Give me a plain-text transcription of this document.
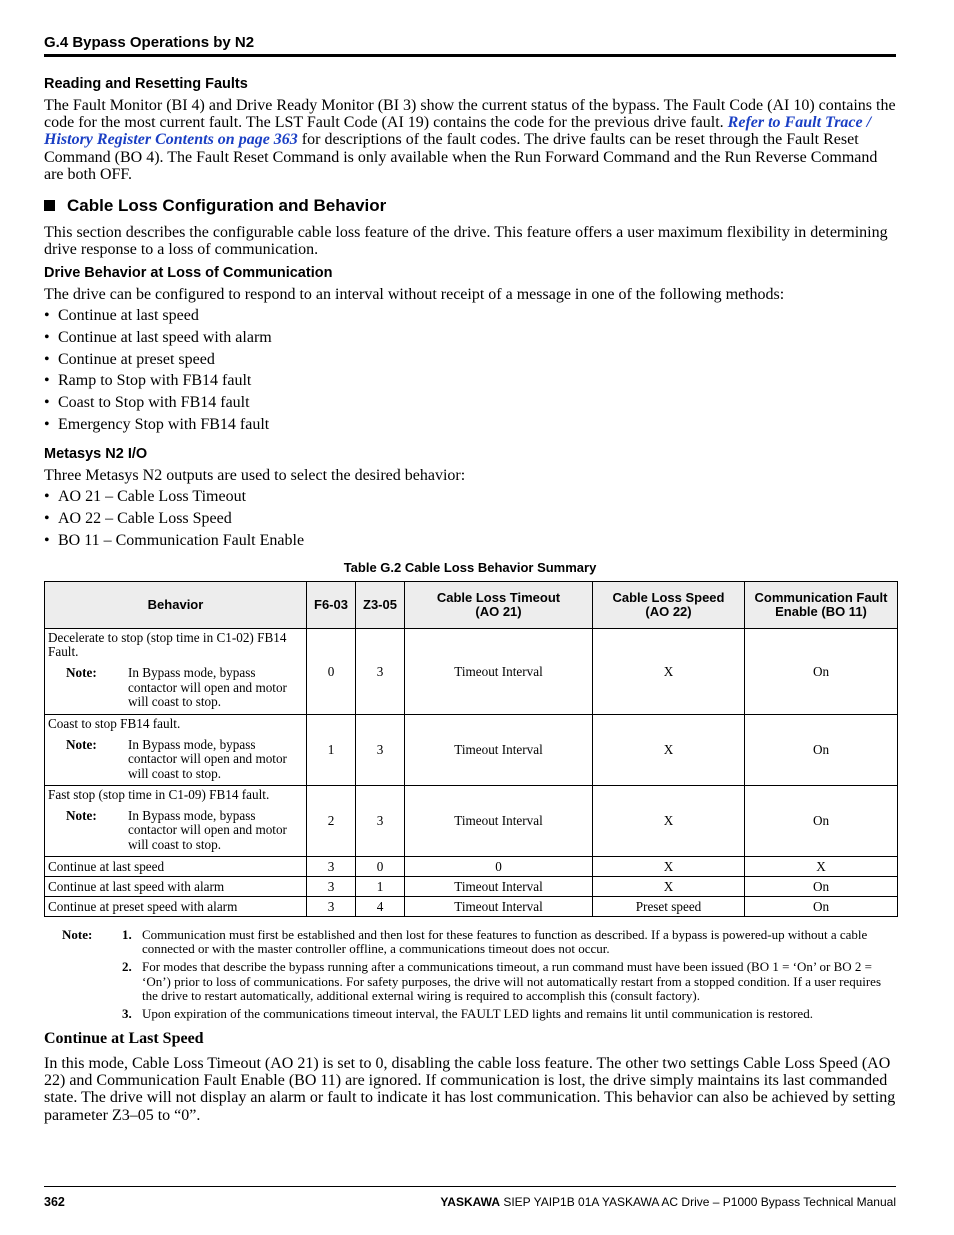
G.4 Bypass Operations by N2
Reading and Resetting Faults
The Fault Monitor (BI 4) and Drive Ready Monitor (BI 3) show the current status of the bypass. The Fault Code (AI 10) contains the code for the most current fault. The LST Fault Code (AI 19) contains the code for the previous drive fault. Refer to Fault Trace / History Register Contents on page 363 for descriptions of the fault codes. The drive faults can be reset through the Fault Reset Command (BO 4). The Fault Reset Command is only available when the Run Forward Command and the Run Reverse Command are both OFF.
Cable Loss Configuration and Behavior
This section describes the configurable cable loss feature of the drive. This feature offers a user maximum flexibility in determining drive response to a loss of communication.
Drive Behavior at Loss of Communication
The drive can be configured to respond to an interval without receipt of a message in one of the following methods:
• Continue at last speed
• Continue at last speed with alarm
• Continue at preset speed
• Ramp to Stop with FB14 fault
• Coast to Stop with FB14 fault
• Emergency Stop with FB14 fault
Metasys N2 I/O
Three Metasys N2 outputs are used to select the desired behavior:
• AO 21 – Cable Loss Timeout
• AO 22 – Cable Loss Speed
• BO 11 – Communication Fault Enable
Table G.2 Cable Loss Behavior Summary
Behavior	F6-03	Z3-05	Cable Loss Timeout (AO 21)	Cable Loss Speed (AO 22)	Communication Fault Enable (BO 11)

Decelerate to stop (stop time in C1-02) FB14 Fault.
Note: In Bypass mode, bypass contactor will open and motor will coast to stop.	0	3	Timeout Interval	X	On

Coast to stop FB14 fault.
Note: In Bypass mode, bypass contactor will open and motor will coast to stop.	1	3	Timeout Interval	X	On

Fast stop (stop time in C1-09) FB14 fault.
Note: In Bypass mode, bypass contactor will open and motor will coast to stop.	2	3	Timeout Interval	X	On
Continue at last speed	3	0	0	X	X
Continue at last speed with alarm	3	1	Timeout Interval	X	On
Continue at preset speed with alarm	3	4	Timeout Interval	Preset speed	On
Note:	1. Communication must first be established and then lost for these features to function as described. If a bypass is powered-up without a cable connected or with the master controller offline, a communications timeout does not occur.
2. For modes that describe the bypass running after a communications timeout, a run command must have been issued (BO 1 = ‘On’ or BO 2 = ‘On’) prior to loss of communications. For safety purposes, the drive will not automatically restart from a stopped condition. If a user requires the drive to restart automatically, additional external wiring is required to accomplish this (consult factory).
3. Upon expiration of the communications timeout interval, the FAULT LED lights and remains lit until communication is restored.
Continue at Last Speed
In this mode, Cable Loss Timeout (AO 21) is set to 0, disabling the cable loss feature. The other two settings Cable Loss Speed (AO 22) and Communication Fault Enable (BO 11) are ignored. If communication is lost, the drive simply maintains its last commanded state. The drive will not display an alarm or fault to indicate it has lost communication. This behavior can also be achieved by setting parameter Z3–05 to “0”.
362	YASKAWA SIEP YAIP1B 01A YASKAWA AC Drive – P1000 Bypass Technical Manual
